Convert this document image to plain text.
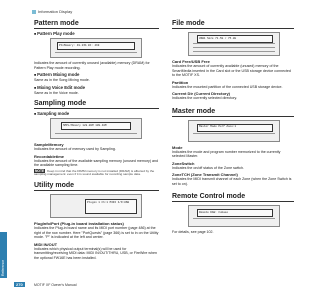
Information Display
Reference
Pattern mode
■ Pattern Play mode
PtnMemory: 49.23% Wt: 469

Indicates the amount of currently unused (available) memory (DRAM) for Pattern Play mode recording.

■ Pattern Mixing mode

Same as in the Song Mixing mode.

■ Mixing Voice Edit mode

Same as in the Voice mode.

Sampling mode
■ Sampling mode
SMPL/Memory 128.00M 109.40M
SampleMemory

Indicates the amount of memory used by Sampling.

Recordabletime

Indicates the amount of the available sampling memory (unused memory) and the available sampling time.

NOTE Keep in mind that the DIMM memory is not installed (DRAM) is affected by the sampling management: even if it is sound available for recording sample data.

Utility mode
Plugin 1 Ch:1 MIDI I/O:USB
PlugInfo/Port (Plug-in board installation status)

Indicates the Plug-in board name and its MIDI port number (page 486) at the right of the row number. Here "PortQuests" (page 366) is set to in on the Utility mode. "P" is indicated at the left and center.

MIDI IN/OUT

Indicates which physical output terminal(s) will be used for transmitting/receiving MIDI data: MIDI IN/OUT/THRU, USB, or FireWire when the optional FW16E has been installed.

File mode
USB1 Size 71.5G / 75.0G
Card Free/USB Free

Indicates the amount of currently available (unused) memory of the SmartMedia inserted in the Card slot or the USB storage device connected to the MOTIF XS.

Partition

Indicates the mounted partition of the connected USB storage device.

Current Dir (Current Directory)

Indicates the currently selected directory.

Master mode
Master Mode Perf Zone:1
Mode

Indicates the mode and program number memorized to the currently selected Master.

ZoneSwitch

Indicates the on/off status of the Zone switch.

ZoneTCH (Zone Transmit Channel)

Indicates the MIDI transmit channel of each Zone (when the Zone Switch is set to on).

Remote Control mode
Remote DAW: Cubase

For details, see page 102.

270	MOTIF XF Owner's Manual
